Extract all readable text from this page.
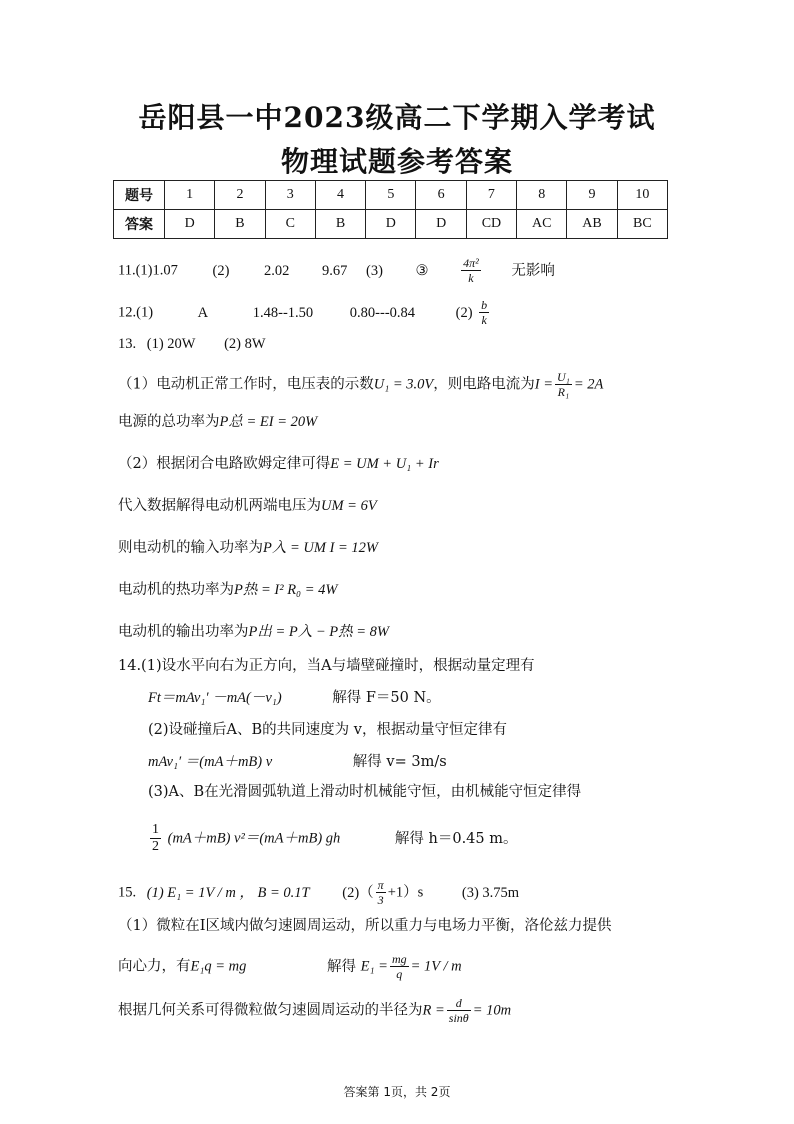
岳阳县一中2023级高二下学期入学考试
物理试题参考答案
题号	1	2	3	4	5	6	7	8	9	10
答案	D	B	C	B	D	D	CD	AC	AB	BC
11.(1)1.07 (2) 2.02 9.67 (3) ③	$\frac{\text{4π²}}{k}$ 无影响
12.(1)	A	1.48--1.50	0.80---0.84	$(2) \frac{b}{k}$
13. (1) 20W (2) 8W
（1）电动机正常工作时，电压表的示数U₁ = 3.0V，则电路电流为$I = \frac{\text{U₁}}{\text{R₁}} = 2A$
电源的总功率为P总 = EI = 20W
（2）根据闭合电路欧姆定律可得E = UM + U₁ + Ir
代入数据解得电动机两端电压为UM = 6V
则电动机的输入功率为P入 = UM I = 12W
电动机的热功率为P热 = I² R₀ = 4W
电动机的输出功率为P出 = P入 − P热 = 8W
14.(1)设水平向右为正方向，当A与墙壁碰撞时，根据动量定理有
Ft＝mAv₁′ －mA(－v₁)	解得 F＝50 N。
(2)设碰撞后A、B的共同速度为 v，根据动量守恒定律有
mAv₁′ ＝(mA＋mB) v	解得 v= 3m/s
(3)A、B在光滑圆弧轨道上滑动时机械能守恒，由机械能守恒定律得
$\frac{1}{2} (mA+mB)$ v²＝(mA＋mB) gh	解得 h＝0.45 m。
15. (1) E₁ = 1V / m ， B = 0.1T $(2)( \frac{\pi}{3} +1)s$	(3) 3.75m
（1）微粒在Ⅰ区域内做匀速圆周运动，所以重力与电场力平衡，洛伦兹力提供
向心力，有E₁q = mg	解得 $E_1 = \frac{mg}{q} = 1V / m$
根据几何关系可得微粒做匀速圆周运动的半径为$R = \frac{d}{\sin\theta} = 10m$
答案第 1页，共 2页
